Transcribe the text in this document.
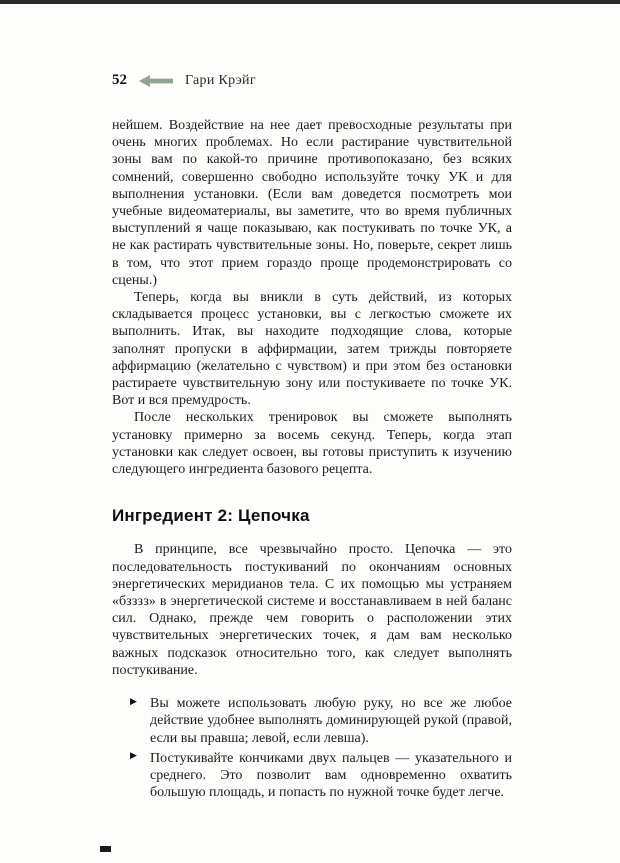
52	Гари Крэйг

нейшем. Воздействие на нее дает превосходные результаты при очень многих проблемах. Но если растирание чувствительной зоны вам по какой-то причине противопоказано, без всяких сомнений, совершенно свободно используйте точку УК и для выполнения установки. (Если вам доведется посмотреть мои учебные видеоматериалы, вы заметите, что во время публичных выступлений я чаще показываю, как постукивать по точке УК, а не как растирать чувствительные зоны. Но, поверьте, секрет лишь в том, что этот прием гораздо проще продемонстрировать со сцены.)

Теперь, когда вы вникли в суть действий, из которых складывается процесс установки, вы с легкостью сможете их выполнить. Итак, вы находите подходящие слова, которые заполнят пропуски в аффирмации, затем трижды повторяете аффирмацию (желательно с чувством) и при этом без остановки растираете чувствительную зону или постукиваете по точке УК. Вот и вся премудрость.

После нескольких тренировок вы сможете выполнять установку примерно за восемь секунд. Теперь, когда этап установки как следует освоен, вы готовы приступить к изучению следующего ингредиента базового рецепта.

Ингредиент 2: Цепочка

В принципе, все чрезвычайно просто. Цепочка — это последовательность постукиваний по окончаниям основных энергетических меридианов тела. С их помощью мы устраняем «бзззз» в энергетической системе и восстанавливаем в ней баланс сил. Однако, прежде чем говорить о расположении этих чувствительных энергетических точек, я дам вам несколько важных подсказок относительно того, как следует выполнять постукивание.

▶ Вы можете использовать любую руку, но все же любое действие удобнее выполнять доминирующей рукой (правой, если вы правша; левой, если левша).
▶ Постукивайте кончиками двух пальцев — указательного и среднего. Это позволит вам одновременно охватить большую площадь, и попасть по нужной точке будет легче.
